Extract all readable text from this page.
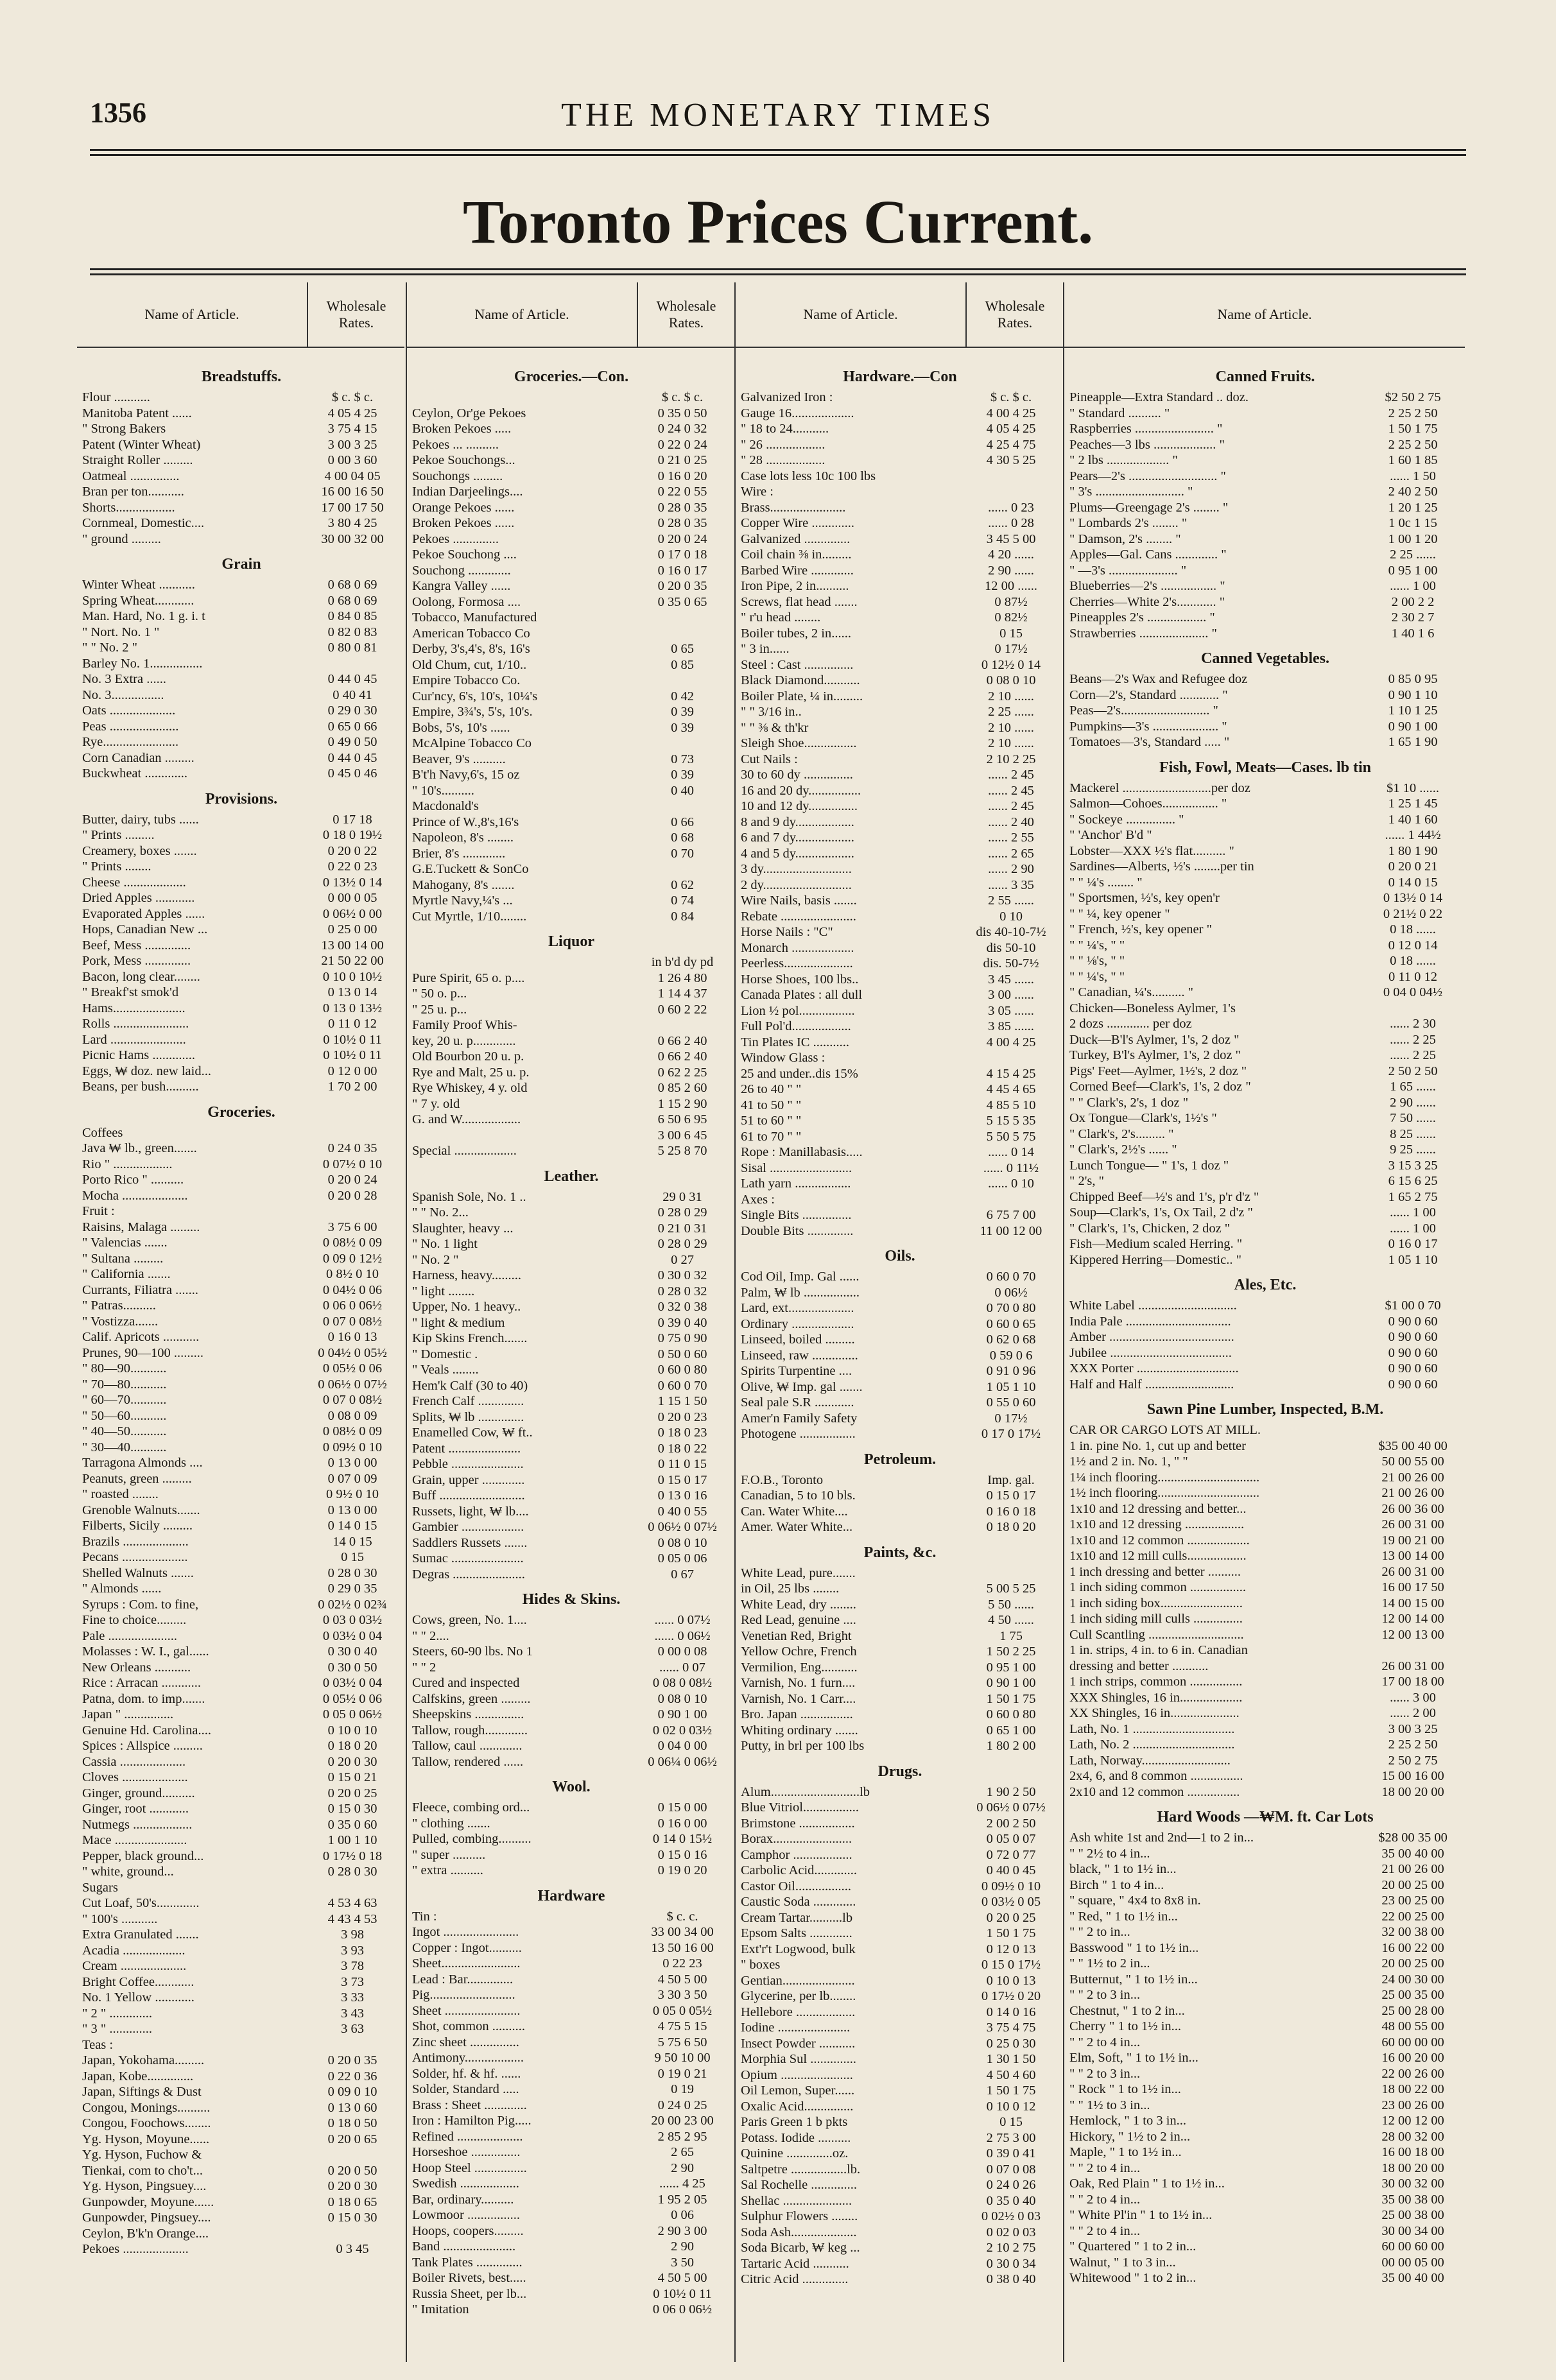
1356	THE MONETARY TIMES
Toronto Prices Current.
Name of Article.
Wholesale
Rates.
Breadstuffs.
Flour ...........	$ c. $ c.
Manitoba Patent ......	4 05 4 25
" Strong Bakers	3 75 4 15
Patent (Winter Wheat)	3 00 3 25
Straight Roller .........	0 00 3 60
Oatmeal ...............	4 00 04 05
Bran per ton...........	16 00 16 50
Shorts..................	17 00 17 50
Cornmeal, Domestic....	3 80 4 25
" ground .........	30 00 32 00
Grain
Winter Wheat ...........	0 68 0 69
Spring Wheat............	0 68 0 69
Man. Hard, No. 1 g. i. t	0 84 0 85
" Nort. No. 1 "	0 82 0 83
" " No. 2 "	0 80 0 81
Barley No. 1................
No. 3 Extra ......	0 44 0 45
No. 3................	0 40 41
Oats ....................	0 29 0 30
Peas .....................	0 65 0 66
Rye.......................	0 49 0 50
Corn Canadian .........	0 44 0 45
Buckwheat .............	0 45 0 46
Provisions.
Butter, dairy, tubs ......	0 17 18
" Prints .........	0 18 0 19½
Creamery, boxes .......	0 20 0 22
" Prints ........	0 22 0 23
Cheese ...................	0 13½ 0 14
Dried Apples ............	0 00 0 05
Evaporated Apples ......	0 06½ 0 00
Hops, Canadian New ...	0 25 0 00
Beef, Mess ..............	13 00 14 00
Pork, Mess ..............	21 50 22 00
Bacon, long clear........	0 10 0 10½
" Breakf'st smok'd	0 13 0 14
Hams......................	0 13 0 13½
Rolls .......................	0 11 0 12
Lard .......................	0 10½ 0 11
Picnic Hams .............	0 10½ 0 11
Eggs, ₩ doz. new laid...	0 12 0 00
Beans, per bush..........	1 70 2 00
Groceries.
Coffees
Java ₩ lb., green.......	0 24 0 35
Rio " ..................	0 07½ 0 10
Porto Rico " ..........	0 20 0 24
Mocha ....................	0 20 0 28
Fruit :
Raisins, Malaga .........	3 75 6 00
" Valencias .......	0 08½ 0 09
" Sultana .........	0 09 0 12½
" California .......	0 8½ 0 10
Currants, Filiatra .......	0 04½ 0 06
" Patras..........	0 06 0 06½
" Vostizza.......	0 07 0 08½
Calif. Apricots ...........	0 16 0 13
Prunes, 90—100 .........	0 04½ 0 05½
" 80—90...........	0 05½ 0 06
" 70—80...........	0 06½ 0 07½
" 60—70...........	0 07 0 08½
" 50—60...........	0 08 0 09
" 40—50...........	0 08½ 0 09
" 30—40...........	0 09½ 0 10
Tarragona Almonds ....	0 13 0 00
Peanuts, green .........	0 07 0 09
" roasted ........	0 9½ 0 10
Grenoble Walnuts.......	0 13 0 00
Filberts, Sicily .........	0 14 0 15
Brazils ....................	14 0 15
Pecans ....................	0 15
Shelled Walnuts .......	0 28 0 30
" Almonds ......	0 29 0 35
Syrups : Com. to fine,	0 02½ 0 02¾
Fine to choice.........	0 03 0 03½
Pale .....................	0 03½ 0 04
Molasses : W. I., gal......	0 30 0 40
New Orleans ...........	0 30 0 50
Rice : Arracan ............	0 03½ 0 04
Patna, dom. to imp.......	0 05½ 0 06
Japan " ...............	0 05 0 06½
Genuine Hd. Carolina....	0 10 0 10
Spices : Allspice .........	0 18 0 20
Cassia ....................	0 20 0 30
Cloves ....................	0 15 0 21
Ginger, ground..........	0 20 0 25
Ginger, root ............	0 15 0 30
Nutmegs ..................	0 35 0 60
Mace ......................	1 00 1 10
Pepper, black ground...	0 17½ 0 18
" white, ground...	0 28 0 30
Sugars
Cut Loaf, 50's.............	4 53 4 63
" 100's ...........	4 43 4 53
Extra Granulated .......	3 98
Acadia ...................	3 93
Cream ....................	3 78
Bright Coffee............	3 73
No. 1 Yellow ............	3 33
" 2 " .............	3 43
" 3 " .............	3 63
Teas :
Japan, Yokohama.........	0 20 0 35
Japan, Kobe..............	0 22 0 36
Japan, Siftings & Dust	0 09 0 10
Congou, Monings..........	0 13 0 60
Congou, Foochows........	0 18 0 50
Yg. Hyson, Moyune......	0 20 0 65
Yg. Hyson, Fuchow &
Tienkai, com to cho't...	0 20 0 50
Yg. Hyson, Pingsuey....	0 20 0 30
Gunpowder, Moyune......	0 18 0 65
Gunpowder, Pingsuey....	0 15 0 30
Ceylon, B'k'n Orange....
Pekoes ....................	0 3 45
Name of Article.
Wholesale
Rates.
Groceries.—Con.
$ c. $ c.
Ceylon, Or'ge Pekoes	0 35 0 50
Broken Pekoes .....	0 24 0 32
Pekoes ... ..........	0 22 0 24
Pekoe Souchongs...	0 21 0 25
Souchongs .........	0 16 0 20
Indian Darjeelings....	0 22 0 55
Orange Pekoes ......	0 28 0 35
Broken Pekoes ......	0 28 0 35
Pekoes ..............	0 20 0 24
Pekoe Souchong ....	0 17 0 18
Souchong .............	0 16 0 17
Kangra Valley ......	0 20 0 35
Oolong, Formosa ....	0 35 0 65
Tobacco, Manufactured
American Tobacco Co
Derby, 3's,4's, 8's, 16's	0 65
Old Chum, cut, 1/10..	0 85
Empire Tobacco Co.
Cur'ncy, 6's, 10's, 10¼'s	0 42
Empire, 3¾'s, 5's, 10's.	0 39
Bobs, 5's, 10's ......	0 39
McAlpine Tobacco Co
Beaver, 9's ..........	0 73
B't'h Navy,6's, 15 oz	0 39
" 10's..........	0 40
Macdonald's
Prince of W.,8's,16's	0 66
Napoleon, 8's ........	0 68
Brier, 8's .............	0 70
G.E.Tuckett & SonCo
Mahogany, 8's .......	0 62
Myrtle Navy,¼'s ...	0 74
Cut Myrtle, 1/10........	0 84
Liquor
in b'd dy pd
Pure Spirit, 65 o. p....	1 26 4 80
" 50 o. p...	1 14 4 37
" 25 u. p...	0 60 2 22
Family Proof Whis-
key, 20 u. p.............	0 66 2 40
Old Bourbon 20 u. p.	0 66 2 40
Rye and Malt, 25 u. p.	0 62 2 25
Rye Whiskey, 4 y. old	0 85 2 60
" 7 y. old	1 15 2 90
G. and W..................	6 50 6 95
3 00 6 45
Special ...................	5 25 8 70
Leather.
Spanish Sole, No. 1 ..	29 0 31
" " No. 2...	0 28 0 29
Slaughter, heavy ...	0 21 0 31
" No. 1 light	0 28 0 29
" No. 2 "	0 27
Harness, heavy.........	0 30 0 32
" light ........	0 28 0 32
Upper, No. 1 heavy..	0 32 0 38
" light & medium	0 39 0 40
Kip Skins French.......	0 75 0 90
" Domestic .	0 50 0 60
" Veals ........	0 60 0 80
Hem'k Calf (30 to 40)	0 60 0 70
French Calf ..............	1 15 1 50
Splits, ₩ lb ..............	0 20 0 23
Enamelled Cow, ₩ ft..	0 18 0 23
Patent ......................	0 18 0 22
Pebble ......................	0 11 0 15
Grain, upper .............	0 15 0 17
Buff ..........................	0 13 0 16
Russets, light, ₩ lb....	0 40 0 55
Gambier ...................	0 06½ 0 07½
Saddlers Russets .......	0 08 0 10
Sumac ......................	0 05 0 06
Degras ......................	0 67
Hides & Skins.
Cows, green, No. 1....	...... 0 07½
" " 2....	...... 0 06½
Steers, 60-90 lbs. No 1	0 00 0 08
" " 2	...... 0 07
Cured and inspected	0 08 0 08½
Calfskins, green .........	0 08 0 10
Sheepskins ...............	0 90 1 00
Tallow, rough.............	0 02 0 03½
Tallow, caul .............	0 04 0 00
Tallow, rendered ......	0 06¼ 0 06½
Wool.
Fleece, combing ord...	0 15 0 00
" clothing .......	0 16 0 00
Pulled, combing..........	0 14 0 15½
" super ..........	0 15 0 16
" extra ..........	0 19 0 20
Hardware
Tin :	$ c. c.
Ingot .......................	33 00 34 00
Copper : Ingot..........	13 50 16 00
Sheet........................	0 22 23
Lead : Bar..............	4 50 5 00
Pig..........................	3 30 3 50
Sheet .......................	0 05 0 05½
Shot, common ..........	4 75 5 15
Zinc sheet ...............	5 75 6 50
Antimony..................	9 50 10 00
Solder, hf. & hf. ......	0 19 0 21
Solder, Standard .....	0 19
Brass : Sheet .............	0 24 0 25
Iron : Hamilton Pig.....	20 00 23 00
Refined ....................	2 85 2 95
Horseshoe ...............	2 65
Hoop Steel ................	2 90
Swedish ..................	...... 4 25
Bar, ordinary..........	1 95 2 05
Lowmoor ................	0 06
Hoops, coopers.........	2 90 3 00
Band ......................	2 90
Tank Plates ..............	3 50
Boiler Rivets, best.....	4 50 5 00
Russia Sheet, per lb...	0 10½ 0 11
" Imitation	0 06 0 06½
Name of Article.
Wholesale
Rates.
Hardware.—Con
Galvanized Iron :	$ c. $ c.
Gauge 16...................	4 00 4 25
" 18 to 24...........	4 05 4 25
" 26 ..................	4 25 4 75
" 28 ..................	4 30 5 25
Case lots less 10c 100 lbs
Wire :
Brass.......................	...... 0 23
Copper Wire .............	...... 0 28
Galvanized ..............	3 45 5 00
Coil chain ⅜ in.........	4 20 ......
Barbed Wire .............	2 90 ......
Iron Pipe, 2 in..........	12 00 ......
Screws, flat head .......	0 87½
" r'u head ........	0 82½
Boiler tubes, 2 in......	0 15
" 3 in......	0 17½
Steel : Cast ...............	0 12½ 0 14
Black Diamond...........	0 08 0 10
Boiler Plate, ¼ in.........	2 10 ......
" " 3/16 in..	2 25 ......
" " ⅜ & th'kr	2 10 ......
Sleigh Shoe................	2 10 ......
Cut Nails :	2 10 2 25
30 to 60 dy ...............	...... 2 45
16 and 20 dy................	...... 2 45
10 and 12 dy...............	...... 2 45
8 and 9 dy..................	...... 2 40
6 and 7 dy..................	...... 2 55
4 and 5 dy..................	...... 2 65
3 dy...........................	...... 2 90
2 dy...........................	...... 3 35
Wire Nails, basis .......	2 55 ......
Rebate .......................	0 10
Horse Nails : "C"	dis 40-10-7½
Monarch ...................	dis 50-10
Peerless.....................	dis. 50-7½
Horse Shoes, 100 lbs..	3 45 ......
Canada Plates : all dull	3 00 ......
Lion ½ pol.................	3 05 ......
Full Pol'd..................	3 85 ......
Tin Plates IC ...........	4 00 4 25
Window Glass :
25 and under..dis 15%	4 15 4 25
26 to 40 " "	4 45 4 65
41 to 50 " "	4 85 5 10
51 to 60 " "	5 15 5 35
61 to 70 " "	5 50 5 75
Rope : Manillabasis.....	...... 0 14
Sisal .........................	...... 0 11½
Lath yarn .................	...... 0 10
Axes :
Single Bits ...............	6 75 7 00
Double Bits ..............	11 00 12 00
Oils.
Cod Oil, Imp. Gal ......	0 60 0 70
Palm, ₩ lb .................	0 06½
Lard, ext....................	0 70 0 80
Ordinary ...................	0 60 0 65
Linseed, boiled .........	0 62 0 68
Linseed, raw ..............	0 59 0 6
Spirits Turpentine ....	0 91 0 96
Olive, ₩ Imp. gal .......	1 05 1 10
Seal pale S.R ............	0 55 0 60
Amer'n Family Safety	0 17½
Photogene .................	0 17 0 17½
Petroleum.
F.O.B., Toronto	Imp. gal.
Canadian, 5 to 10 bls.	0 15 0 17
Can. Water White....	0 16 0 18
Amer. Water White...	0 18 0 20
Paints, &c.
White Lead, pure.......
in Oil, 25 lbs ........	5 00 5 25
White Lead, dry ........	5 50 ......
Red Lead, genuine ....	4 50 ......
Venetian Red, Bright	1 75
Yellow Ochre, French	1 50 2 25
Vermilion, Eng...........	0 95 1 00
Varnish, No. 1 furn....	0 90 1 00
Varnish, No. 1 Carr....	1 50 1 75
Bro. Japan ................	0 60 0 80
Whiting ordinary .......	0 65 1 00
Putty, in brl per 100 lbs	1 80 2 00
Drugs.
Alum...........................lb	1 90 2 50
Blue Vitriol.................	0 06½ 0 07½
Brimstone .................	2 00 2 50
Borax........................	0 05 0 07
Camphor ..................	0 72 0 77
Carbolic Acid.............	0 40 0 45
Castor Oil.................	0 09½ 0 10
Caustic Soda .............	0 03½ 0 05
Cream Tartar..........lb	0 20 0 25
Epsom Salts .............	1 50 1 75
Ext'r't Logwood, bulk	0 12 0 13
" boxes	0 15 0 17½
Gentian......................	0 10 0 13
Glycerine, per lb........	0 17½ 0 20
Hellebore ..................	0 14 0 16
Iodine ......................	3 75 4 75
Insect Powder ...........	0 25 0 30
Morphia Sul ..............	1 30 1 50
Opium ......................	4 50 4 60
Oil Lemon, Super......	1 50 1 75
Oxalic Acid...............	0 10 0 12
Paris Green 1 b pkts	0 15
Potass. Iodide ..........	2 75 3 00
Quinine ..............oz.	0 39 0 41
Saltpetre .................lb.	0 07 0 08
Sal Rochelle ..............	0 24 0 26
Shellac .....................	0 35 0 40
Sulphur Flowers ........	0 02½ 0 03
Soda Ash....................	0 02 0 03
Soda Bicarb, ₩ keg ...	2 10 2 75
Tartaric Acid ...........	0 30 0 34
Citric Acid ..............	0 38 0 40
Name of Article.
Canned Fruits.
Pineapple—Extra Standard .. doz.	$2 50 2 75
" Standard .......... "	2 25 2 50
Raspberries ........................ "	1 50 1 75
Peaches—3 lbs ................... "	2 25 2 50
" 2 lbs ................... "	1 60 1 85
Pears—2's ........................... "	...... 1 50
" 3's ........................... "	2 40 2 50
Plums—Greengage 2's ........ "	1 20 1 25
" Lombards 2's ........ "	1 0c 1 15
" Damson, 2's ........ "	1 00 1 20
Apples—Gal. Cans ............. "	2 25 ......
" —3's ..................... "	0 95 1 00
Blueberries—2's ................. "	...... 1 00
Cherries—White 2's............ "	2 00 2 2
Pineapples 2's .................. "	2 30 2 7
Strawberries ..................... "	1 40 1 6
Canned Vegetables.
Beans—2's Wax and Refugee doz	0 85 0 95
Corn—2's, Standard ............ "	0 90 1 10
Peas—2's........................... "	1 10 1 25
Pumpkins—3's .................... "	0 90 1 00
Tomatoes—3's, Standard ..... "	1 65 1 90
Fish, Fowl, Meats—Cases. lb tin
Mackerel ...........................per doz	$1 10 ......
Salmon—Cohoes................. "	1 25 1 45
" Sockeye ............... "	1 40 1 60
" 'Anchor' B'd "	...... 1 44½
Lobster—XXX ½'s flat.......... "	1 80 1 90
Sardines—Alberts, ½'s ........per tin	0 20 0 21
" " ¼'s ........ "	0 14 0 15
" Sportsmen, ½'s, key open'r	0 13½ 0 14
" " ¼, key opener "	0 21½ 0 22
" French, ½'s, key opener "	0 18 ......
" " ¼'s, " "	0 12 0 14
" " ⅛'s, " "	0 18 ......
" " ¼'s, " "	0 11 0 12
" Canadian, ¼'s.......... "	0 04 0 04½
Chicken—Boneless Aylmer, 1's
2 dozs ............. per doz	...... 2 30
Duck—B'l's Aylmer, 1's, 2 doz "	...... 2 25
Turkey, B'l's Aylmer, 1's, 2 doz "	...... 2 25
Pigs' Feet—Aylmer, 1½'s, 2 doz "	2 50 2 50
Corned Beef—Clark's, 1's, 2 doz "	1 65 ......
" " Clark's, 2's, 1 doz "	2 90 ......
Ox Tongue—Clark's, 1½'s "	7 50 ......
" Clark's, 2's......... "	8 25 ......
" Clark's, 2½'s ...... "	9 25 ......
Lunch Tongue— " 1's, 1 doz "	3 15 3 25
" 2's, "	6 15 6 25
Chipped Beef—½'s and 1's, p'r d'z "	1 65 2 75
Soup—Clark's, 1's, Ox Tail, 2 d'z "	...... 1 00
" Clark's, 1's, Chicken, 2 doz "	...... 1 00
Fish—Medium scaled Herring. "	0 16 0 17
Kippered Herring—Domestic.. "	1 05 1 10
Ales, Etc.
White Label ..............................	$1 00 0 70
India Pale ................................	0 90 0 60
Amber ......................................	0 90 0 60
Jubilee .....................................	0 90 0 60
XXX Porter ...............................	0 90 0 60
Half and Half ...........................	0 90 0 60
Sawn Pine Lumber, Inspected, B.M.
CAR OR CARGO LOTS AT MILL.
1 in. pine No. 1, cut up and better	$35 00 40 00
1½ and 2 in. No. 1, " "	50 00 55 00
1¼ inch flooring...............................	21 00 26 00
1½ inch flooring...............................	21 00 26 00
1x10 and 12 dressing and better...	26 00 36 00
1x10 and 12 dressing ..................	26 00 31 00
1x10 and 12 common ...................	19 00 21 00
1x10 and 12 mill culls..................	13 00 14 00
1 inch dressing and better ..........	26 00 31 00
1 inch siding common .................	16 00 17 50
1 inch siding box.........................	14 00 15 00
1 inch siding mill culls ...............	12 00 14 00
Cull Scantling .............................	12 00 13 00
1 in. strips, 4 in. to 6 in. Canadian
dressing and better ...........	26 00 31 00
1 inch strips, common ................	17 00 18 00
XXX Shingles, 16 in...................	...... 3 00
XX Shingles, 16 in.....................	...... 2 00
Lath, No. 1 ...............................	3 00 3 25
Lath, No. 2 ...............................	2 25 2 50
Lath, Norway...........................	2 50 2 75
2x4, 6, and 8 common ................	15 00 16 00
2x10 and 12 common ................	18 00 20 00
Hard Woods —₩M. ft. Car Lots
Ash white 1st and 2nd—1 to 2 in...	$28 00 35 00
" " 2½ to 4 in...	35 00 40 00
black, " 1 to 1½ in...	21 00 26 00
Birch " 1 to 4 in...	20 00 25 00
" square, " 4x4 to 8x8 in.	23 00 25 00
" Red, " 1 to 1½ in...	22 00 25 00
" " 2 to in...	32 00 38 00
Basswood " 1 to 1½ in...	16 00 22 00
" " 1½ to 2 in...	20 00 25 00
Butternut, " 1 to 1½ in...	24 00 30 00
" " 2 to 3 in...	25 00 35 00
Chestnut, " 1 to 2 in...	25 00 28 00
Cherry " 1 to 1½ in...	48 00 55 00
" " 2 to 4 in...	60 00 00 00
Elm, Soft, " 1 to 1½ in...	16 00 20 00
" " 2 to 3 in...	22 00 26 00
" Rock " 1 to 1½ in...	18 00 22 00
" " 1½ to 3 in...	23 00 26 00
Hemlock, " 1 to 3 in...	12 00 12 00
Hickory, " 1½ to 2 in...	28 00 32 00
Maple, " 1 to 1½ in...	16 00 18 00
" " 2 to 4 in...	18 00 20 00
Oak, Red Plain " 1 to 1½ in...	30 00 32 00
" " 2 to 4 in...	35 00 38 00
" White Pl'in " 1 to 1½ in...	25 00 38 00
" " 2 to 4 in...	30 00 34 00
" Quartered " 1 to 2 in...	60 00 60 00
Walnut, " 1 to 3 in...	00 00 05 00
Whitewood " 1 to 2 in...	35 00 40 00
